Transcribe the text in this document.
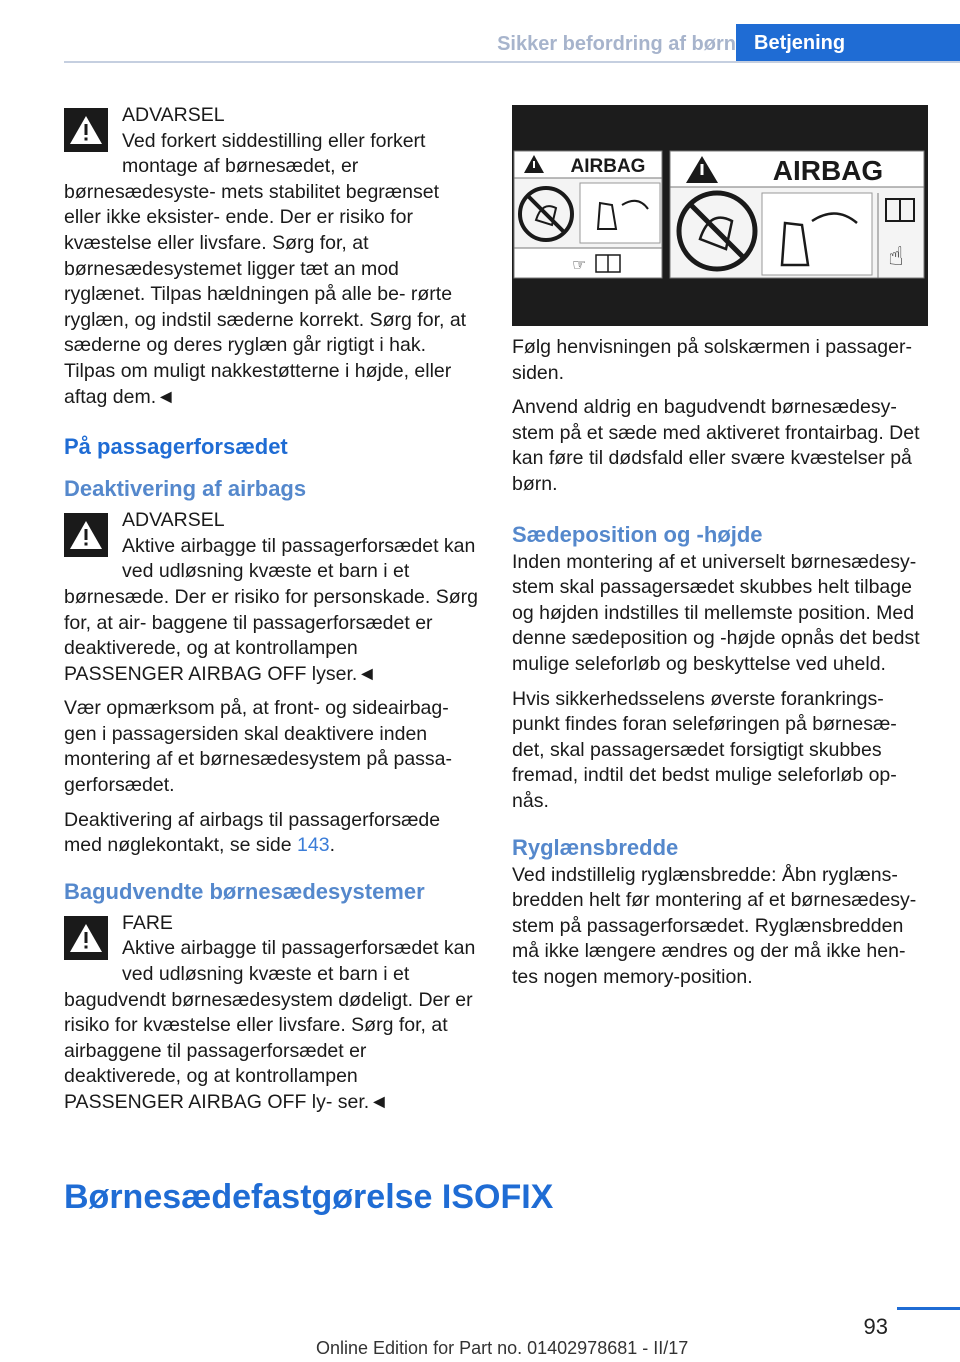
Sikker befordring af børn Betjening

ADVARSEL

Ved forkert siddestilling eller forkert montage af børnesædet, er børnesædesyste- mets stabilitet begrænset eller ikke eksister- ende. Der er risiko for kvæstelse eller livsfare. Sørg for, at børnesædesystemet ligger tæt an mod ryglænet. Tilpas hældningen på alle be- rørte ryglæn, og indstil sæderne korrekt. Sørg for, at sæderne og deres ryglæn går rigtigt i hak. Tilpas om muligt nakkestøtterne i højde, eller aftag dem.◄

På passagerforsædet
Deaktivering af airbags

ADVARSEL

Aktive airbagge til passagerforsædet kan ved udløsning kvæste et barn i et børnesæde. Der er risiko for personskade. Sørg for, at air- baggene til passagerforsædet er deaktiverede, og at kontrollampen PASSENGER AIRBAG OFF lyser.◄

Vær opmærksom på, at front- og sideairbag- gen i passagersiden skal deaktivere inden montering af et børnesædesystem på passa- gerforsædet.

Deaktivering af airbags til passagerforsæde med nøglekontakt, se side 143.

Bagudvendte børnesædesystemer

FARE

Aktive airbagge til passagerforsædet kan ved udløsning kvæste et barn i et bagudvendt børnesædesystem dødeligt. Der er risiko for kvæstelse eller livsfare. Sørg for, at airbaggene til passagerforsædet er deaktiverede, og at kontrollampen PASSENGER AIRBAG OFF ly- ser.◄

AIRBAG
☞
AIRBAG
☝

Følg henvisningen på solskærmen i passager- siden.

Anvend aldrig en bagudvendt børnesædesy- stem på et sæde med aktiveret frontairbag. Det kan føre til dødsfald eller svære kvæstelser på børn.

Sædeposition og -højde

Inden montering af et universelt børnesædesy- stem skal passagersædet skubbes helt tilbage og højden indstilles til mellemste position. Med denne sædeposition og -højde opnås det bedst mulige seleforløb og beskyttelse ved uheld.

Hvis sikkerhedsselens øverste forankrings- punkt findes foran seleføringen på børnesæ- det, skal passagersædet forsigtigt skubbes fremad, indtil det bedst mulige seleforløb op- nås.

Ryglænsbredde

Ved indstillelig ryglænsbredde: Åbn ryglæns- bredden helt før montering af et børnesædesy- stem på passagerforsædet. Ryglænsbredden må ikke længere ændres og der må ikke hen- tes nogen memory-position.

Børnesædefastgørelse ISOFIX
93
Online Edition for Part no. 01402978681 - II/17
